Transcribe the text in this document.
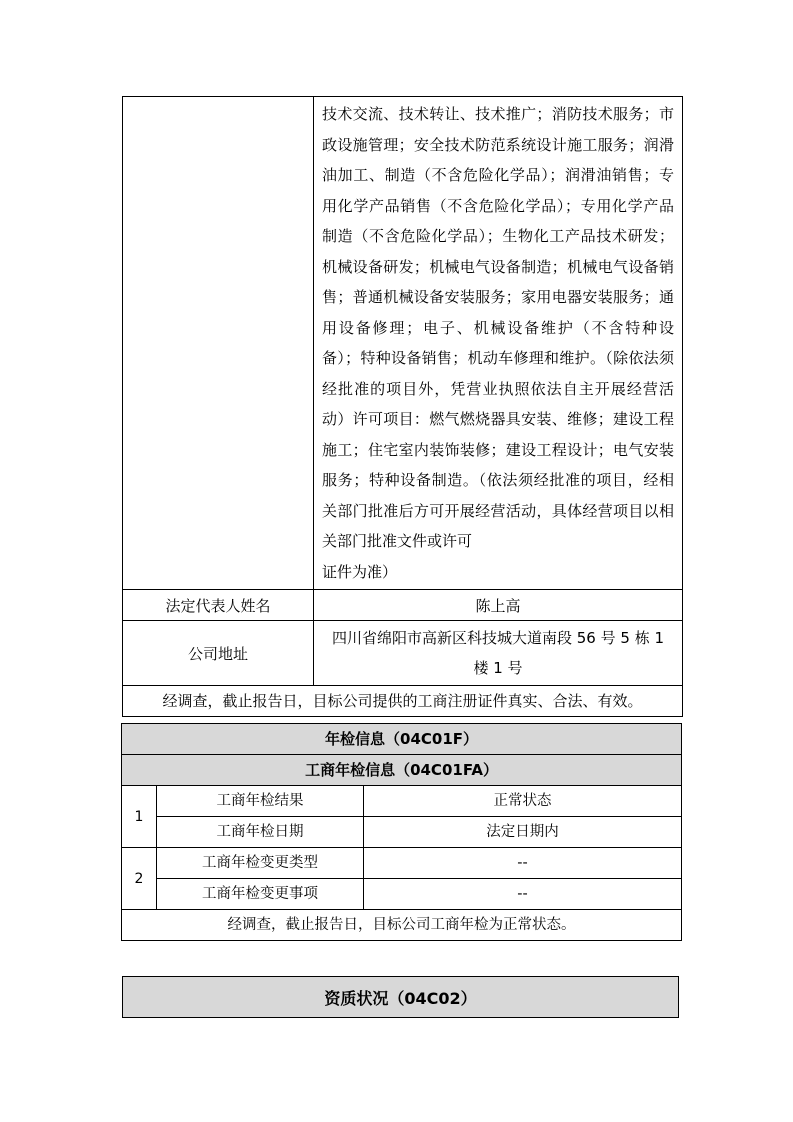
	技术交流、技术转让、技术推广；消防技术服务；市政设施管理；安全技术防范系统设计施工服务；润滑油加工、制造（不含危险化学品）；润滑油销售；专用化学产品销售（不含危险化学品）；专用化学产品制造（不含危险化学品）；生物化工产品技术研发；机械设备研发；机械电气设备制造；机械电气设备销售；普通机械设备安装服务；家用电器安装服务；通用设备修理；电子、机械设备维护（不含特种设备）；特种设备销售；机动车修理和维护。（除依法须经批准的项目外，凭营业执照依法自主开展经营活动）许可项目：燃气燃烧器具安装、维修；建设工程施工；住宅室内装饰装修；建设工程设计；电气安装服务；特种设备制造。（依法须经批准的项目，经相关部门批准后方可开展经营活动，具体经营项目以相关部门批准文件或许可
证件为准）

法定代表人姓名	陈上高
公司地址	四川省绵阳市高新区科技城大道南段 56 号 5 栋 1
楼 1 号

经调查，截止报告日，目标公司提供的工商注册证件真实、合法、有效。	
年检信息（04C01F）		
工商年检信息（04C01FA）		
1	工商年检结果	正常状态
	工商年检日期	法定日期内
2	工商年检变更类型	--
	工商年检变更事项	--
经调查，截止报告日，目标公司工商年检为正常状态。		
资质状况（04C02）
